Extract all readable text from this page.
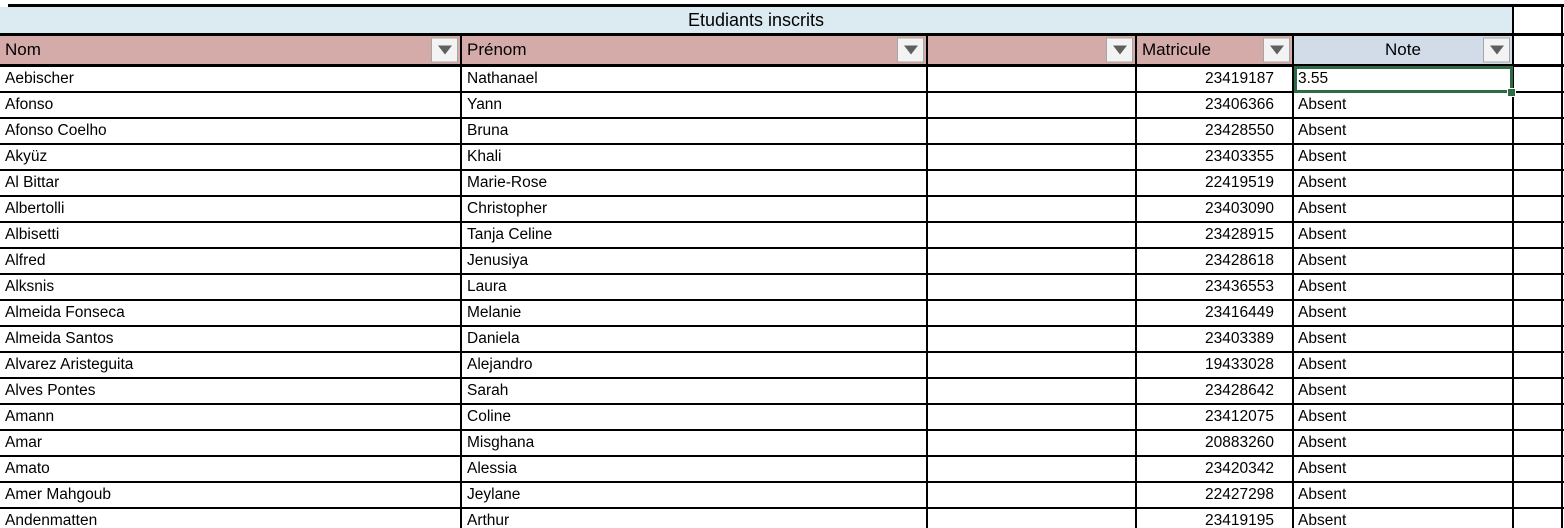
Etudiants inscrits
Nom	Prénom	Matricule	Note
Aebischer	Nathanael	23419187 3.55
Afonso	Yann	23406366 Absent
Afonso Coelho	Bruna	23428550 Absent
Akyüz	Khali	23403355 Absent
Al Bittar	Marie-Rose	22419519 Absent
Albertolli	Christopher	23403090 Absent
Albisetti	Tanja Celine	23428915 Absent
Alfred	Jenusiya	23428618 Absent
Alksnis	Laura	23436553 Absent
Almeida Fonseca	Melanie	23416449 Absent
Almeida Santos	Daniela	23403389 Absent
Alvarez Aristeguita	Alejandro	19433028 Absent
Alves Pontes	Sarah	23428642 Absent
Amann	Coline	23412075 Absent
Amar	Misghana	20883260 Absent
Amato	Alessia	23420342 Absent
Amer Mahgoub	Jeylane	22427298 Absent
Andenmatten	Arthur	23419195 Absent
